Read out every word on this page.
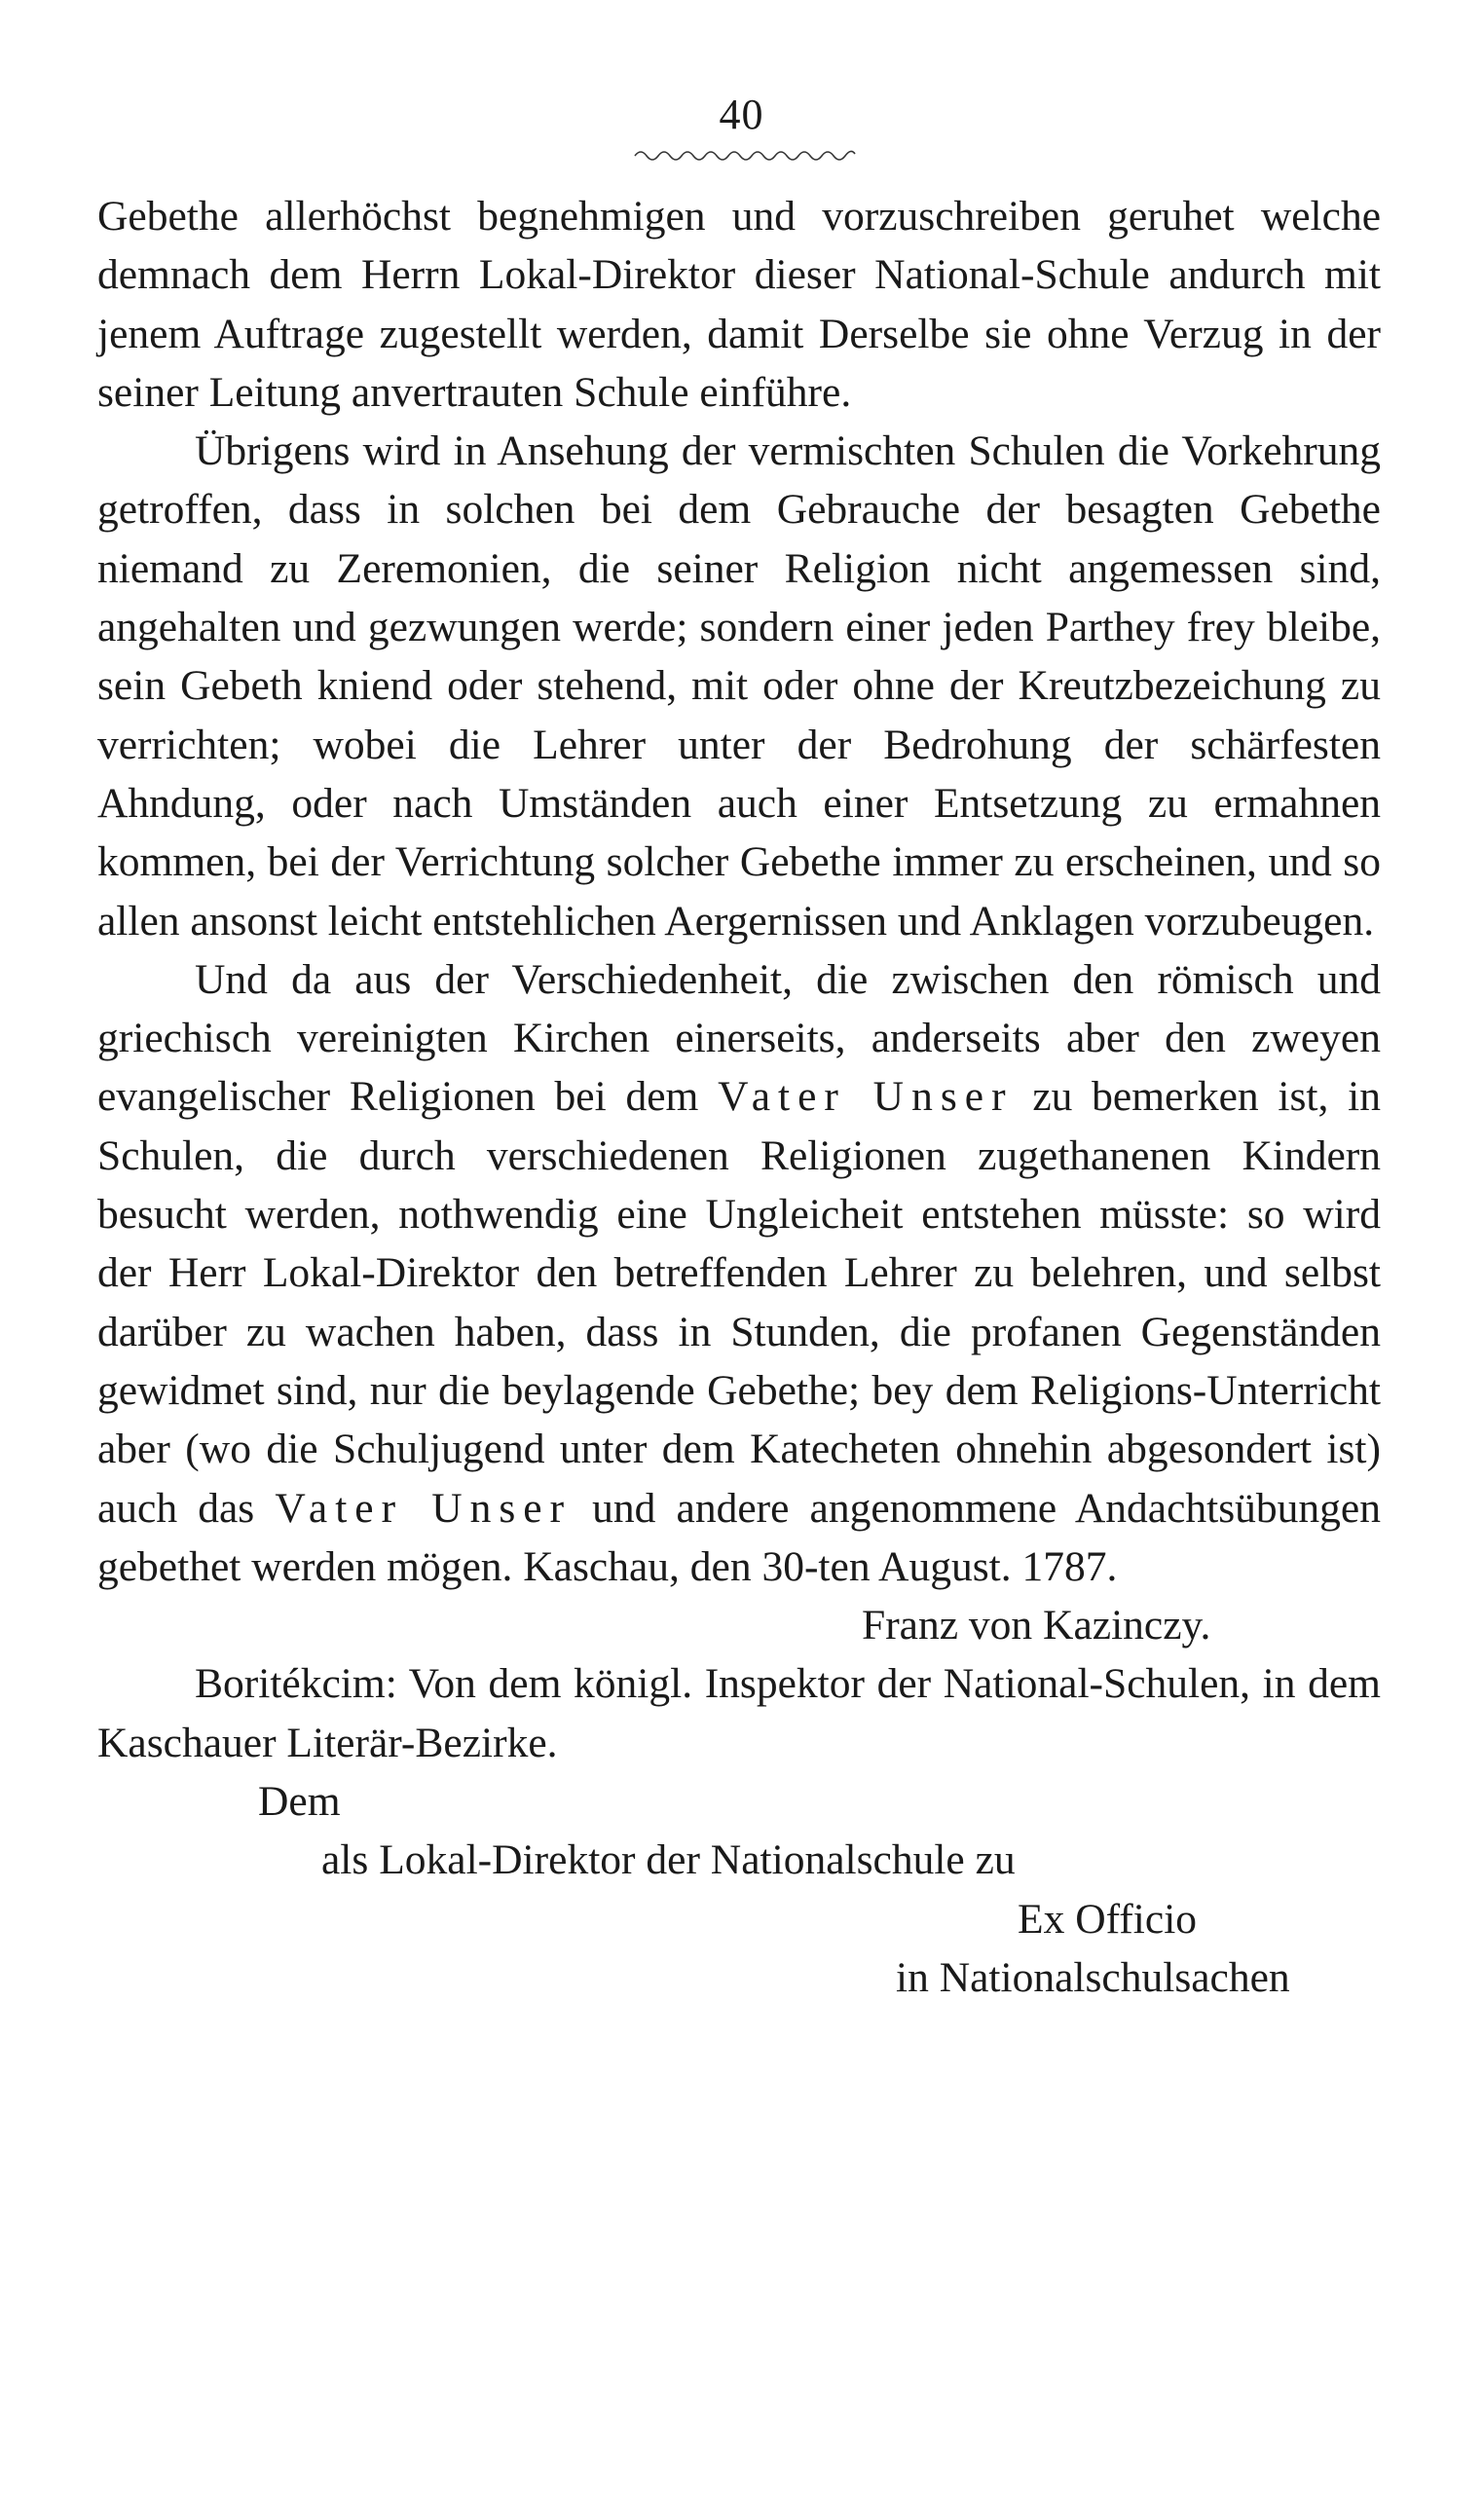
40

Gebethe allerhöchst begnehmigen und vorzuschreiben geruhet welche demnach dem Herrn Lokal-Direktor dieser National-Schule andurch mit jenem Auftrage zugestellt werden, damit Derselbe sie ohne Verzug in der seiner Leitung anvertrauten Schule einführe.

Übrigens wird in Ansehung der vermischten Schulen die Vorkehrung getroffen, dass in solchen bei dem Gebrauche der besagten Gebethe niemand zu Zeremonien, die seiner Religion nicht angemessen sind, angehalten und gezwungen werde; sondern einer jeden Parthey frey bleibe, sein Gebeth kniend oder stehend, mit oder ohne der Kreutzbezeichung zu verrichten; wobei die Lehrer unter der Bedrohung der schärfesten Ahndung, oder nach Umständen auch einer Entsetzung zu ermahnen kommen, bei der Verrichtung solcher Gebethe immer zu erscheinen, und so allen ansonst leicht entstehlichen Aergernissen und Anklagen vorzubeugen.

Und da aus der Verschiedenheit, die zwischen den römisch und griechisch vereinigten Kirchen einerseits, anderseits aber den zweyen evangelischer Religionen bei dem Vater Unser zu bemerken ist, in Schulen, die durch verschiedenen Religionen zugethanenen Kindern besucht werden, nothwendig eine Ungleicheit entstehen müsste: so wird der Herr Lokal-Direktor den betreffenden Lehrer zu belehren, und selbst darüber zu wachen haben, dass in Stunden, die profanen Gegenständen gewidmet sind, nur die beylagende Gebethe; bey dem Religions-Unterricht aber (wo die Schuljugend unter dem Katecheten ohnehin abgesondert ist) auch das Vater Unser und andere angenommene Andachtsübungen gebethet werden mögen. Kaschau, den 30-ten August. 1787.

Franz von Kazinczy.

Boritékcim: Von dem königl. Inspektor der National-Schulen, in dem Kaschauer Literär-Bezirke.

Dem
als Lokal-Direktor der Nationalschule zu
Ex Officio
in Nationalschulsachen
